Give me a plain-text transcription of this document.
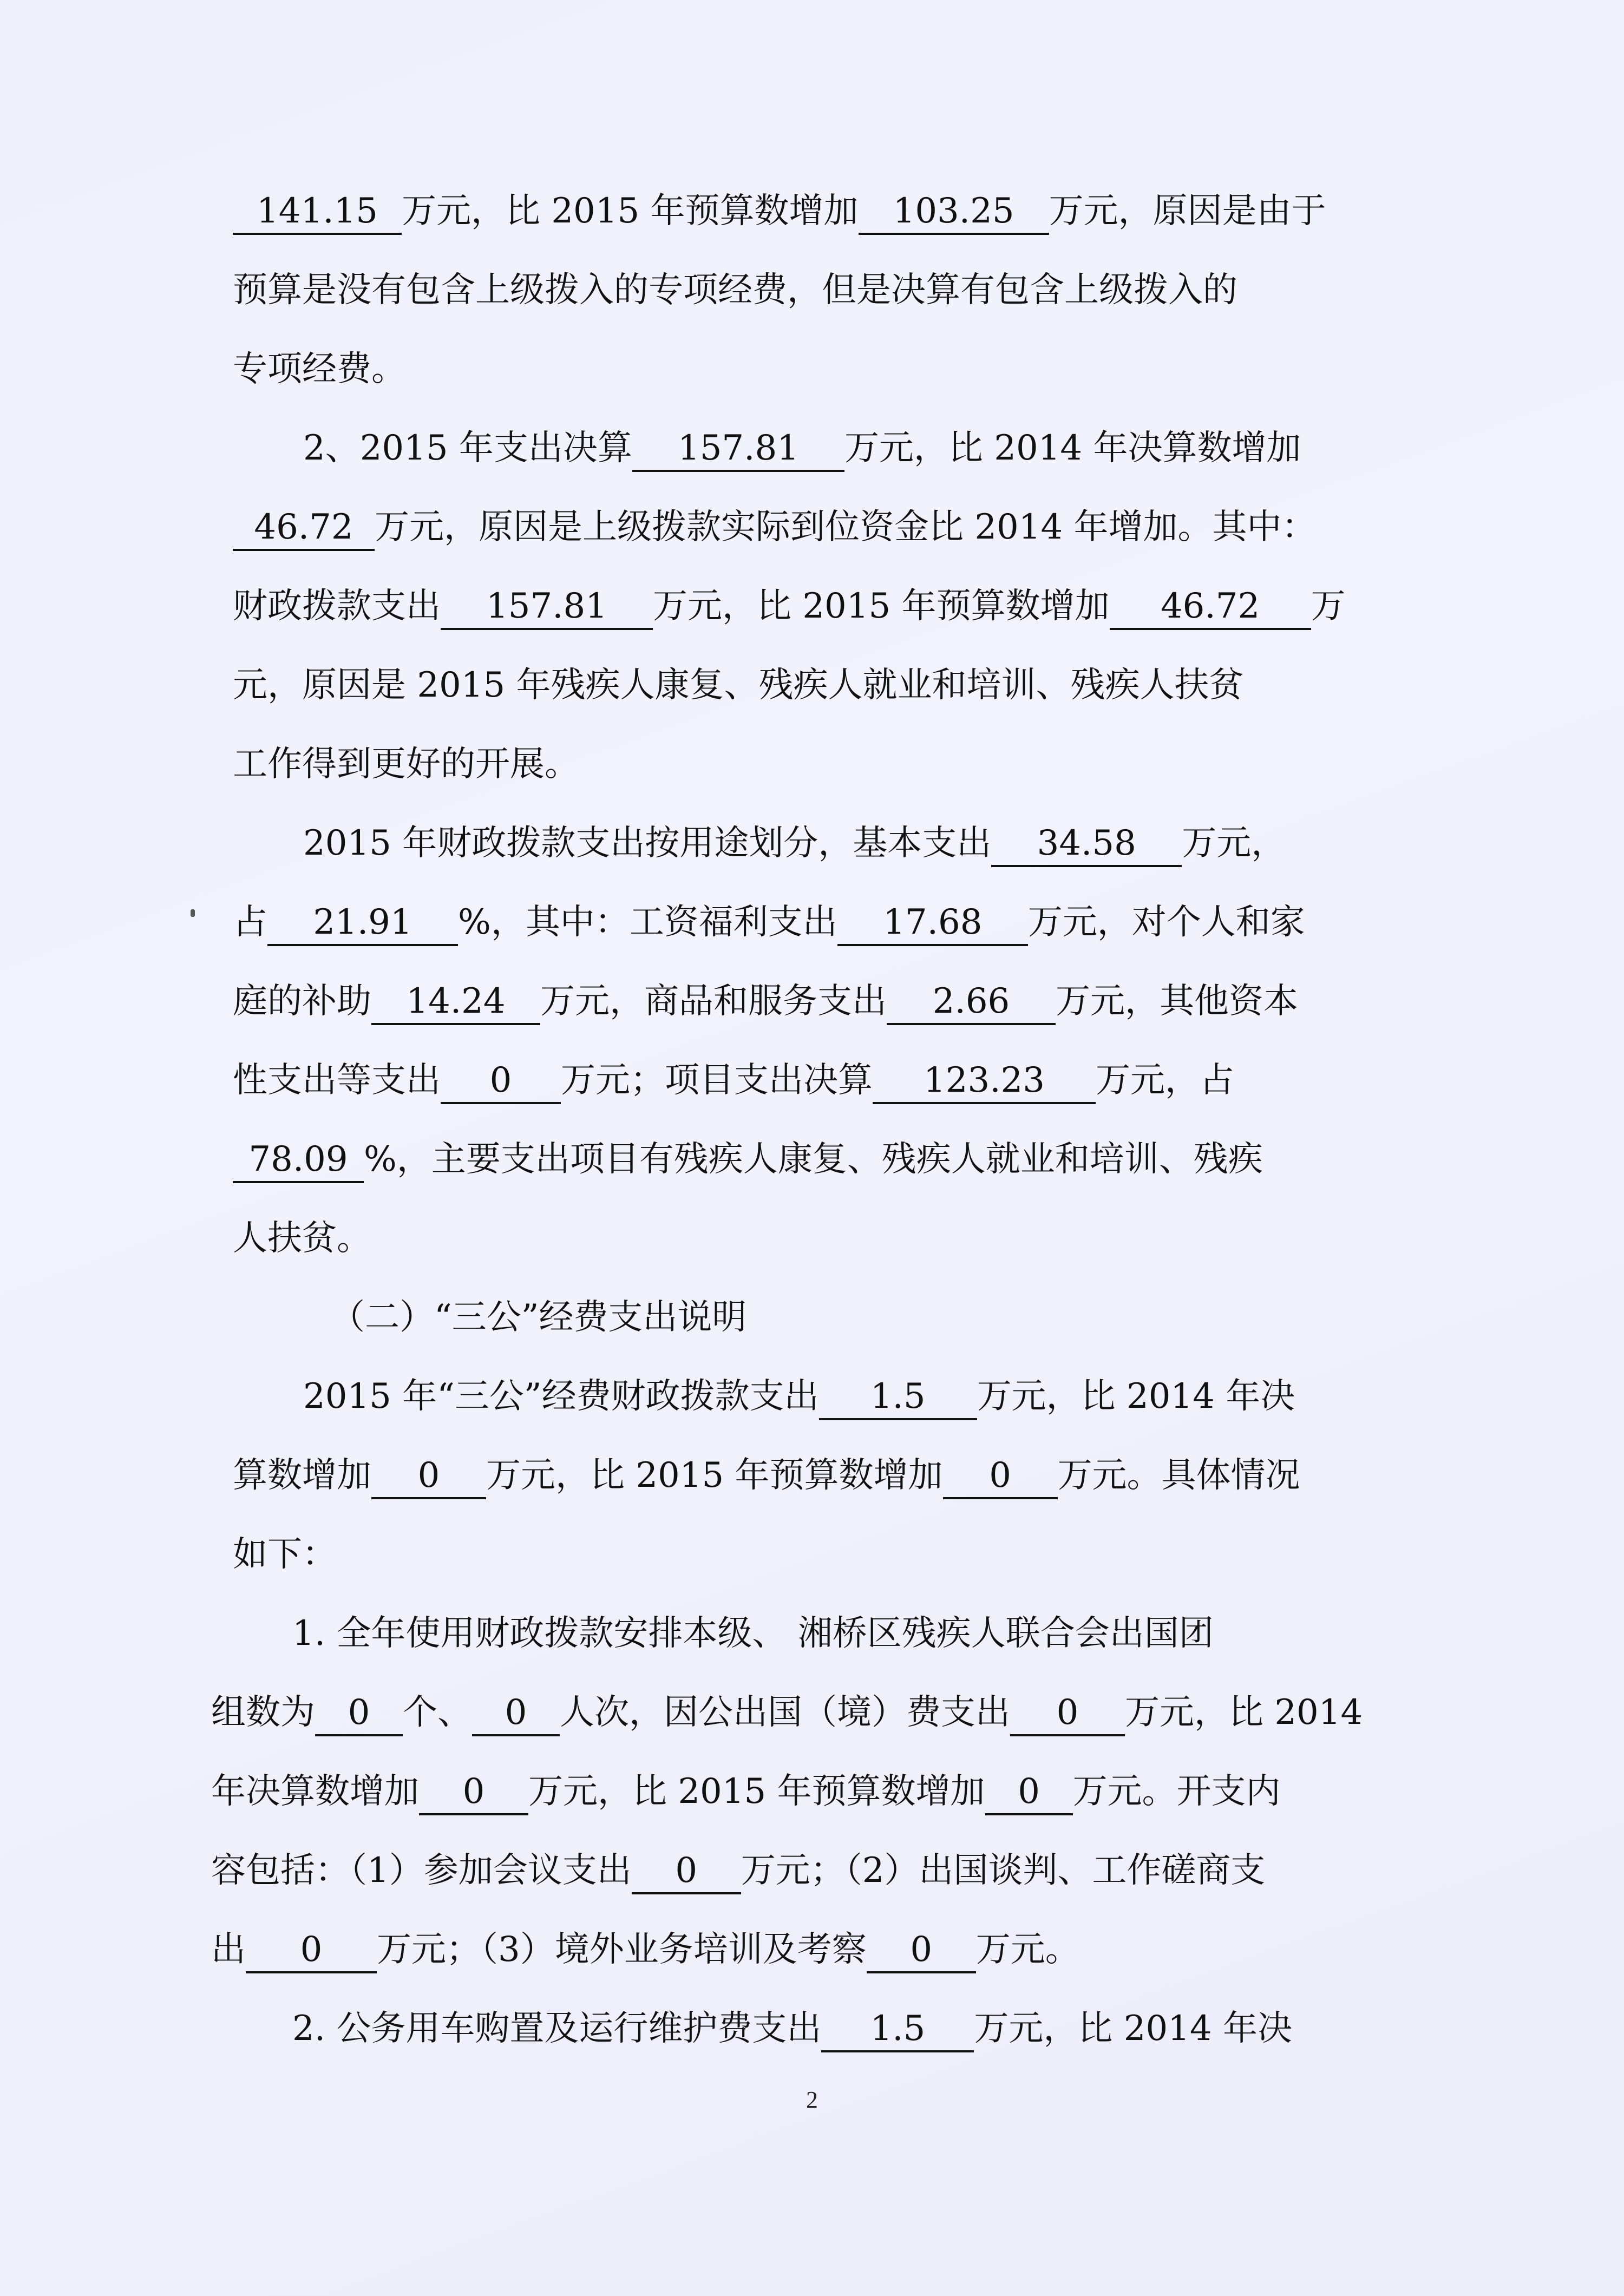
141.15 万元，比 2015 年预算数增加 103.25 万元，原因是由于
预算是没有包含上级拨入的专项经费，但是决算有包含上级拨入的
专项经费。
2、2015 年支出决算 157.81 万元，比 2014 年决算数增加
46.72 万元，原因是上级拨款实际到位资金比 2014 年增加。其中：
财政拨款支出 157.81 万元，比 2015 年预算数增加 46.72 万
元，原因是 2015 年残疾人康复、残疾人就业和培训、残疾人扶贫
工作得到更好的开展。
2015 年财政拨款支出按用途划分，基本支出 34.58 万元，
占 21.91 %，其中：工资福利支出 17.68 万元，对个人和家
庭的补助 14.24 万元，商品和服务支出 2.66 万元，其他资本
性支出等支出 0 万元；项目支出决算 123.23 万元，占
78.09 %，主要支出项目有残疾人康复、残疾人就业和培训、残疾
人扶贫。
（二）“三公”经费支出说明
2015 年“三公”经费财政拨款支出 1.5 万元，比 2014 年决
算数增加 0 万元，比 2015 年预算数增加 0 万元。具体情况
如下：
1. 全年使用财政拨款安排本级、 湘桥区残疾人联合会出国团
组数为 0 个、 0 人次，因公出国（境）费支出 0 万元，比 2014
年决算数增加 0 万元，比 2015 年预算数增加 0 万元。开支内
容包括：（1）参加会议支出 0 万元；（2）出国谈判、工作磋商支
出 0 万元；（3）境外业务培训及考察 0 万元。
2. 公务用车购置及运行维护费支出 1.5 万元，比 2014 年决
2
